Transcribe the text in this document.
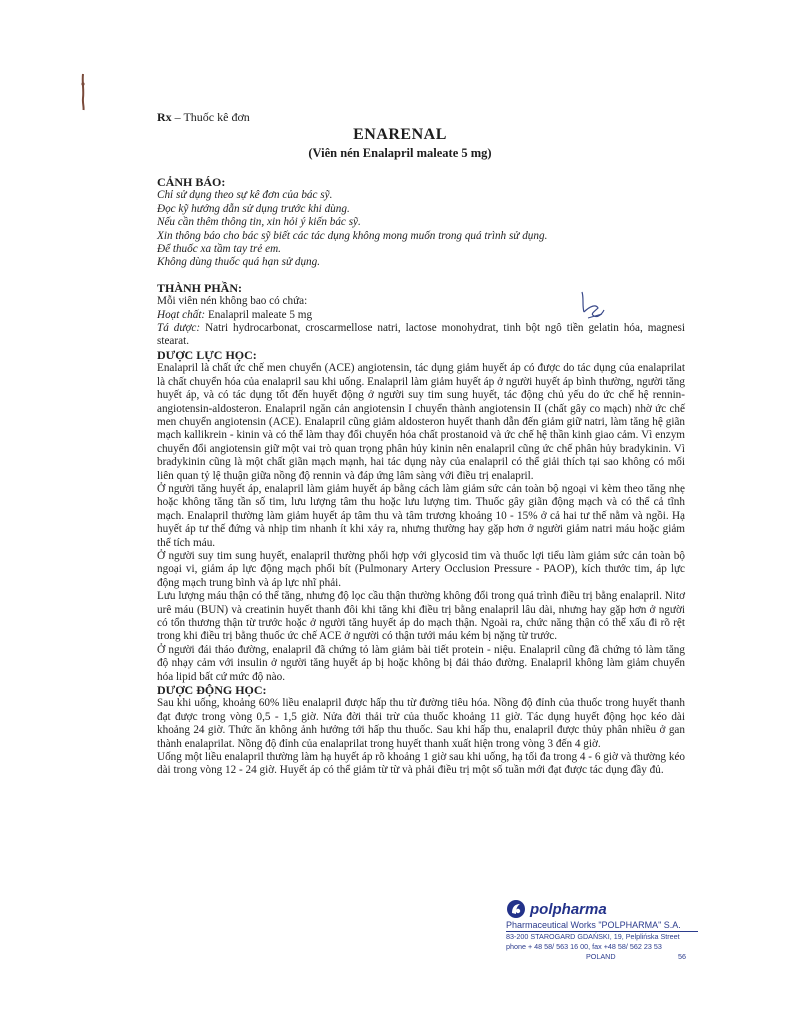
Rx – Thuốc kê đơn
ENARENAL
(Viên nén Enalapril maleate 5 mg)
CẢNH BÁO:
Chỉ sử dụng theo sự kê đơn của bác sỹ.
Đọc kỹ hướng dẫn sử dụng trước khi dùng.
Nếu cần thêm thông tin, xin hỏi ý kiến bác sỹ.
Xin thông báo cho bác sỹ biết các tác dụng không mong muốn trong quá trình sử dụng.
Để thuốc xa tầm tay trẻ em.
Không dùng thuốc quá hạn sử dụng.
THÀNH PHẦN:

Mỗi viên nén không bao có chứa:

Hoạt chất: Enalapril maleate 5 mg

Tá dược: Natri hydrocarbonat, croscarmellose natri, lactose monohydrat, tinh bột ngô tiền gelatin hóa, magnesi stearat.

DƯỢC LỰC HỌC:

Enalapril là chất ức chế men chuyển (ACE) angiotensin, tác dụng giảm huyết áp có được do tác dụng của enalaprilat là chất chuyển hóa của enalapril sau khi uống. Enalapril làm giảm huyết áp ở người huyết áp bình thường, người tăng huyết áp, và có tác dụng tốt đến huyết động ở người suy tim sung huyết, tác động chủ yếu do ức chế hệ rennin-angiotensin-aldosteron. Enalapril ngăn cản angiotensin I chuyển thành angiotensin II (chất gây co mạch) nhờ ức chế men chuyển angiotensin (ACE). Enalapril cũng giảm aldosteron huyết thanh dẫn đến giảm giữ natri, làm tăng hệ giãn mạch kallikrein - kinin và có thể làm thay đổi chuyển hóa chất prostanoid và ức chế hệ thần kinh giao cảm. Vì enzym chuyển đổi angiotensin giữ một vai trò quan trọng phân hủy kinin nên enalapril cũng ức chế phân hủy bradykinin. Vì bradykinin cũng là một chất giãn mạch mạnh, hai tác dụng này của enalapril có thể giải thích tại sao không có mối liên quan tỷ lệ thuận giữa nồng độ rennin và đáp ứng lâm sàng với điều trị enalapril.

Ở người tăng huyết áp, enalapril làm giảm huyết áp bằng cách làm giảm sức cản toàn bộ ngoại vi kèm theo tăng nhẹ hoặc không tăng tần số tim, lưu lượng tâm thu hoặc lưu lượng tim. Thuốc gây giãn động mạch và có thể cả tĩnh mạch. Enalapril thường làm giảm huyết áp tâm thu và tâm trương khoảng 10 - 15% ở cả hai tư thế nằm và ngồi. Hạ huyết áp tư thế đứng và nhịp tim nhanh ít khi xảy ra, nhưng thường hay gặp hơn ở người giảm natri máu hoặc giảm thể tích máu.

Ở người suy tim sung huyết, enalapril thường phối hợp với glycosid tim và thuốc lợi tiểu làm giảm sức cản toàn bộ ngoại vi, giảm áp lực động mạch phổi bít (Pulmonary Artery Occlusion Pressure - PAOP), kích thước tim, áp lực động mạch trung bình và áp lực nhĩ phải.

Lưu lượng máu thận có thể tăng, nhưng độ lọc cầu thận thường không đổi trong quá trình điều trị bằng enalapril. Nitơ urê máu (BUN) và creatinin huyết thanh đôi khi tăng khi điều trị bằng enalapril lâu dài, nhưng hay gặp hơn ở người có tổn thương thận từ trước hoặc ở người tăng huyết áp do mạch thận. Ngoài ra, chức năng thận có thể xấu đi rõ rệt trong khi điều trị bằng thuốc ức chế ACE ở người có thận tưới máu kém bị nặng từ trước.

Ở người đái tháo đường, enalapril đã chứng tỏ làm giảm bài tiết protein - niệu. Enalapril cũng đã chứng tỏ làm tăng độ nhạy cảm với insulin ở người tăng huyết áp bị hoặc không bị đái tháo đường. Enalapril không làm giảm chuyển hóa lipid bất cứ mức độ nào.

DƯỢC ĐỘNG HỌC:

Sau khi uống, khoảng 60% liều enalapril được hấp thu từ đường tiêu hóa. Nồng độ đỉnh của thuốc trong huyết thanh đạt được trong vòng 0,5 - 1,5 giờ. Nửa đời thải trừ của thuốc khoảng 11 giờ. Tác dụng huyết động học kéo dài khoảng 24 giờ. Thức ăn không ảnh hưởng tới hấp thu thuốc. Sau khi hấp thu, enalapril được thủy phân nhiều ở gan thành enalaprilat. Nồng độ đỉnh của enalaprilat trong huyết thanh xuất hiện trong vòng 3 đến 4 giờ.

Uống một liều enalapril thường làm hạ huyết áp rõ khoảng 1 giờ sau khi uống, hạ tối đa trong 4 - 6 giờ và thường kéo dài trong vòng 12 - 24 giờ. Huyết áp có thể giảm từ từ và phải điều trị một số tuần mới đạt được tác dụng đầy đủ.

polpharma
Pharmaceutical Works "POLPHARMA" S.A.
83-200 STAROGARD GDAŃSKI, 19, Pelplińska Street
phone + 48 58/ 563 16 00, fax +48 58/ 562 23 53
POLAND	56
